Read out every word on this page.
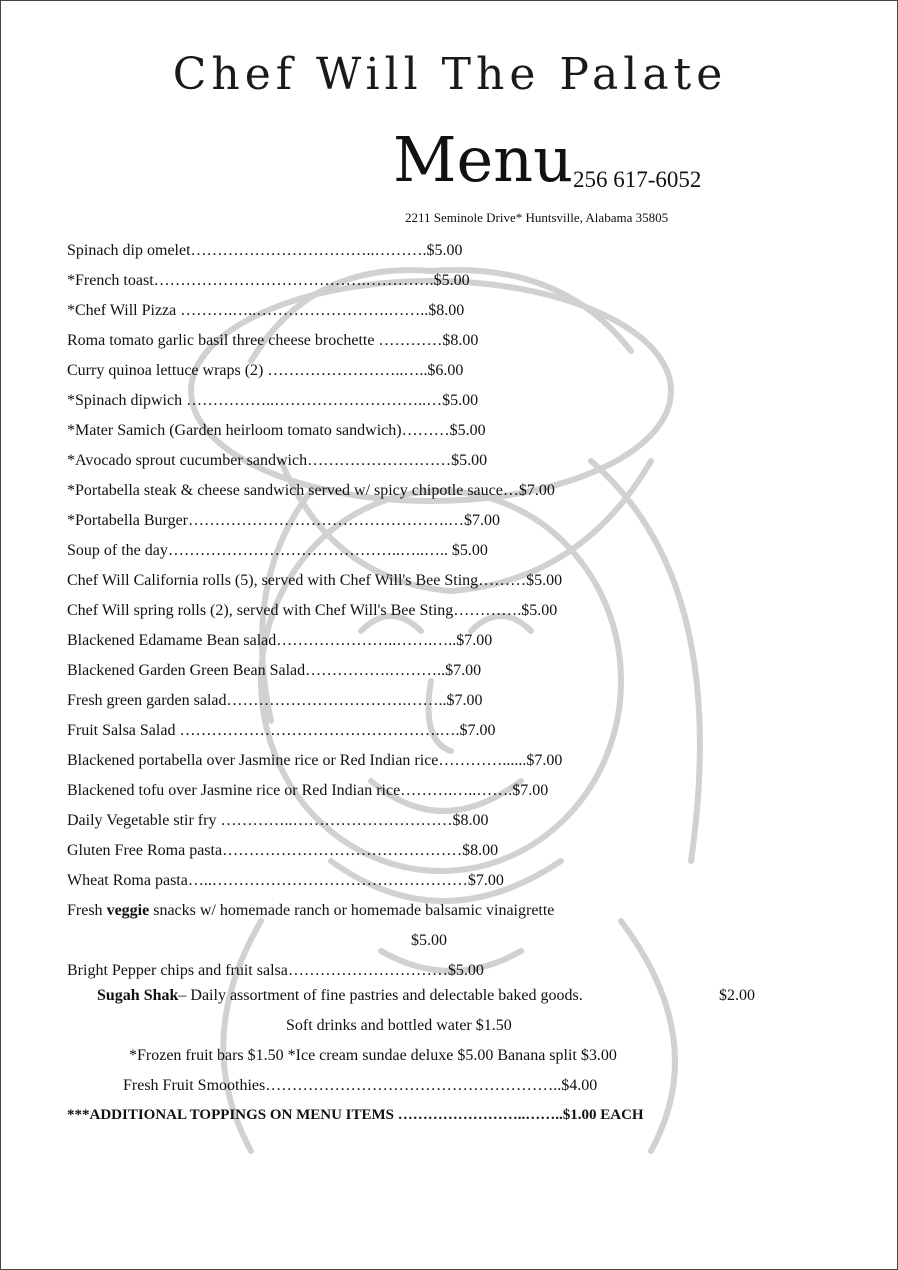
Chef Will The Palate
Menu 256 617-6052
2211 Seminole Drive* Huntsville, Alabama 35805
Spinach dip omelet……………………………..……….$5.00
*French toast………………………………….………….$5.00
*Chef Will Pizza ……….…..…………………….……..$8.00
Roma tomato garlic basil three cheese brochette …………$8.00
Curry quinoa lettuce wraps (2) ……………………..…..$6.00
*Spinach dipwich ……………..………………………..…$5.00
*Mater Samich (Garden heirloom tomato sandwich)………$5.00
*Avocado sprout cucumber sandwich………………………$5.00
*Portabella steak & cheese sandwich served w/ spicy chipotle sauce…$7.00
*Portabella Burger………………………………………….…$7.00
Soup of the day……………………………………..…..….. $5.00
Chef Will California rolls (5), served with Chef Will's Bee Sting………$5.00
Chef Will spring rolls (2), served with Chef Will's Bee Sting………….$5.00
Blackened Edamame Bean salad…………………..…….…..$7.00
Blackened Garden Green Bean Salad…………….………..$7.00
Fresh green garden salad…………………………….……..$7.00
Fruit Salsa Salad ………………………………………….….$7.00
Blackened portabella over Jasmine rice or Red Indian rice…………......$7.00
Blackened tofu over Jasmine rice or Red Indian rice……….…..…….$7.00
Daily Vegetable stir fry …………..…………………………$8.00
Gluten Free Roma pasta………………………………………$8.00
Wheat Roma pasta…..…………………………………………$7.00
Fresh veggie snacks w/ homemade ranch or homemade balsamic vinaigrette
$5.00
Bright Pepper chips and fruit salsa…………………………$5.00
Sugah Shak– Daily assortment of fine pastries and delectable baked goods.	$2.00
Soft drinks and bottled water $1.50
*Frozen fruit bars $1.50 *Ice cream sundae deluxe $5.00 Banana split $3.00
Fresh Fruit Smoothies………………………………………………..$4.00
***ADDITIONAL TOPPINGS ON MENU ITEMS ……………………..……..$1.00 EACH
